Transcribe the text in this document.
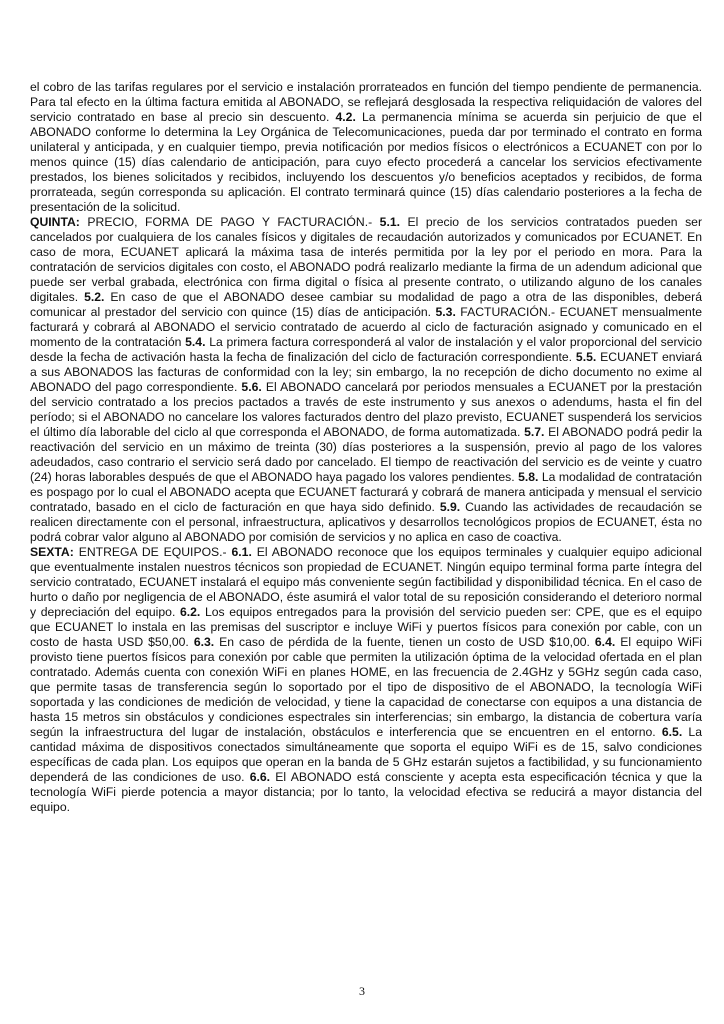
el cobro de las tarifas regulares por el servicio e instalación prorrateados en función del tiempo pendiente de permanencia. Para tal efecto en la última factura emitida al ABONADO, se reflejará desglosada la respectiva reliquidación de valores del servicio contratado en base al precio sin descuento. 4.2. La permanencia mínima se acuerda sin perjuicio de que el ABONADO conforme lo determina la Ley Orgánica de Telecomunicaciones, pueda dar por terminado el contrato en forma unilateral y anticipada, y en cualquier tiempo, previa notificación por medios físicos o electrónicos a ECUANET con por lo menos quince (15) días calendario de anticipación, para cuyo efecto procederá a cancelar los servicios efectivamente prestados, los bienes solicitados y recibidos, incluyendo los descuentos y/o beneficios aceptados y recibidos, de forma prorrateada, según corresponda su aplicación. El contrato terminará quince (15) días calendario posteriores a la fecha de presentación de la solicitud.

QUINTA: PRECIO, FORMA DE PAGO Y FACTURACIÓN.- 5.1. El precio de los servicios contratados pueden ser cancelados por cualquiera de los canales físicos y digitales de recaudación autorizados y comunicados por ECUANET. En caso de mora, ECUANET aplicará la máxima tasa de interés permitida por la ley por el periodo en mora. Para la contratación de servicios digitales con costo, el ABONADO podrá realizarlo mediante la firma de un adendum adicional que puede ser verbal grabada, electrónica con firma digital o física al presente contrato, o utilizando alguno de los canales digitales. 5.2. En caso de que el ABONADO desee cambiar su modalidad de pago a otra de las disponibles, deberá comunicar al prestador del servicio con quince (15) días de anticipación. 5.3. FACTURACIÓN.- ECUANET mensualmente facturará y cobrará al ABONADO el servicio contratado de acuerdo al ciclo de facturación asignado y comunicado en el momento de la contratación 5.4. La primera factura corresponderá al valor de instalación y el valor proporcional del servicio desde la fecha de activación hasta la fecha de finalización del ciclo de facturación correspondiente. 5.5. ECUANET enviará a sus ABONADOS las facturas de conformidad con la ley; sin embargo, la no recepción de dicho documento no exime al ABONADO del pago correspondiente. 5.6. El ABONADO cancelará por periodos mensuales a ECUANET por la prestación del servicio contratado a los precios pactados a través de este instrumento y sus anexos o adendums, hasta el fin del período; si el ABONADO no cancelare los valores facturados dentro del plazo previsto, ECUANET suspenderá los servicios el último día laborable del ciclo al que corresponda el ABONADO, de forma automatizada. 5.7. El ABONADO podrá pedir la reactivación del servicio en un máximo de treinta (30) días posteriores a la suspensión, previo al pago de los valores adeudados, caso contrario el servicio será dado por cancelado. El tiempo de reactivación del servicio es de veinte y cuatro (24) horas laborables después de que el ABONADO haya pagado los valores pendientes. 5.8. La modalidad de contratación es pospago por lo cual el ABONADO acepta que ECUANET facturará y cobrará de manera anticipada y mensual el servicio contratado, basado en el ciclo de facturación en que haya sido definido. 5.9. Cuando las actividades de recaudación se realicen directamente con el personal, infraestructura, aplicativos y desarrollos tecnológicos propios de ECUANET, ésta no podrá cobrar valor alguno al ABONADO por comisión de servicios y no aplica en caso de coactiva.

SEXTA: ENTREGA DE EQUIPOS.- 6.1. El ABONADO reconoce que los equipos terminales y cualquier equipo adicional que eventualmente instalen nuestros técnicos son propiedad de ECUANET. Ningún equipo terminal forma parte íntegra del servicio contratado, ECUANET instalará el equipo más conveniente según factibilidad y disponibilidad técnica. En el caso de hurto o daño por negligencia de el ABONADO, éste asumirá el valor total de su reposición considerando el deterioro normal y depreciación del equipo. 6.2. Los equipos entregados para la provisión del servicio pueden ser: CPE, que es el equipo que ECUANET lo instala en las premisas del suscriptor e incluye WiFi y puertos físicos para conexión por cable, con un costo de hasta USD $50,00. 6.3. En caso de pérdida de la fuente, tienen un costo de USD $10,00. 6.4. El equipo WiFi provisto tiene puertos físicos para conexión por cable que permiten la utilización óptima de la velocidad ofertada en el plan contratado. Además cuenta con conexión WiFi en planes HOME, en las frecuencia de 2.4GHz y 5GHz según cada caso, que permite tasas de transferencia según lo soportado por el tipo de dispositivo de el ABONADO, la tecnología WiFi soportada y las condiciones de medición de velocidad, y tiene la capacidad de conectarse con equipos a una distancia de hasta 15 metros sin obstáculos y condiciones espectrales sin interferencias; sin embargo, la distancia de cobertura varía según la infraestructura del lugar de instalación, obstáculos e interferencia que se encuentren en el entorno. 6.5. La cantidad máxima de dispositivos conectados simultáneamente que soporta el equipo WiFi es de 15, salvo condiciones específicas de cada plan. Los equipos que operan en la banda de 5 GHz estarán sujetos a factibilidad, y su funcionamiento dependerá de las condiciones de uso. 6.6. El ABONADO está consciente y acepta esta especificación técnica y que la tecnología WiFi pierde potencia a mayor distancia; por lo tanto, la velocidad efectiva se reducirá a mayor distancia del equipo.

3
